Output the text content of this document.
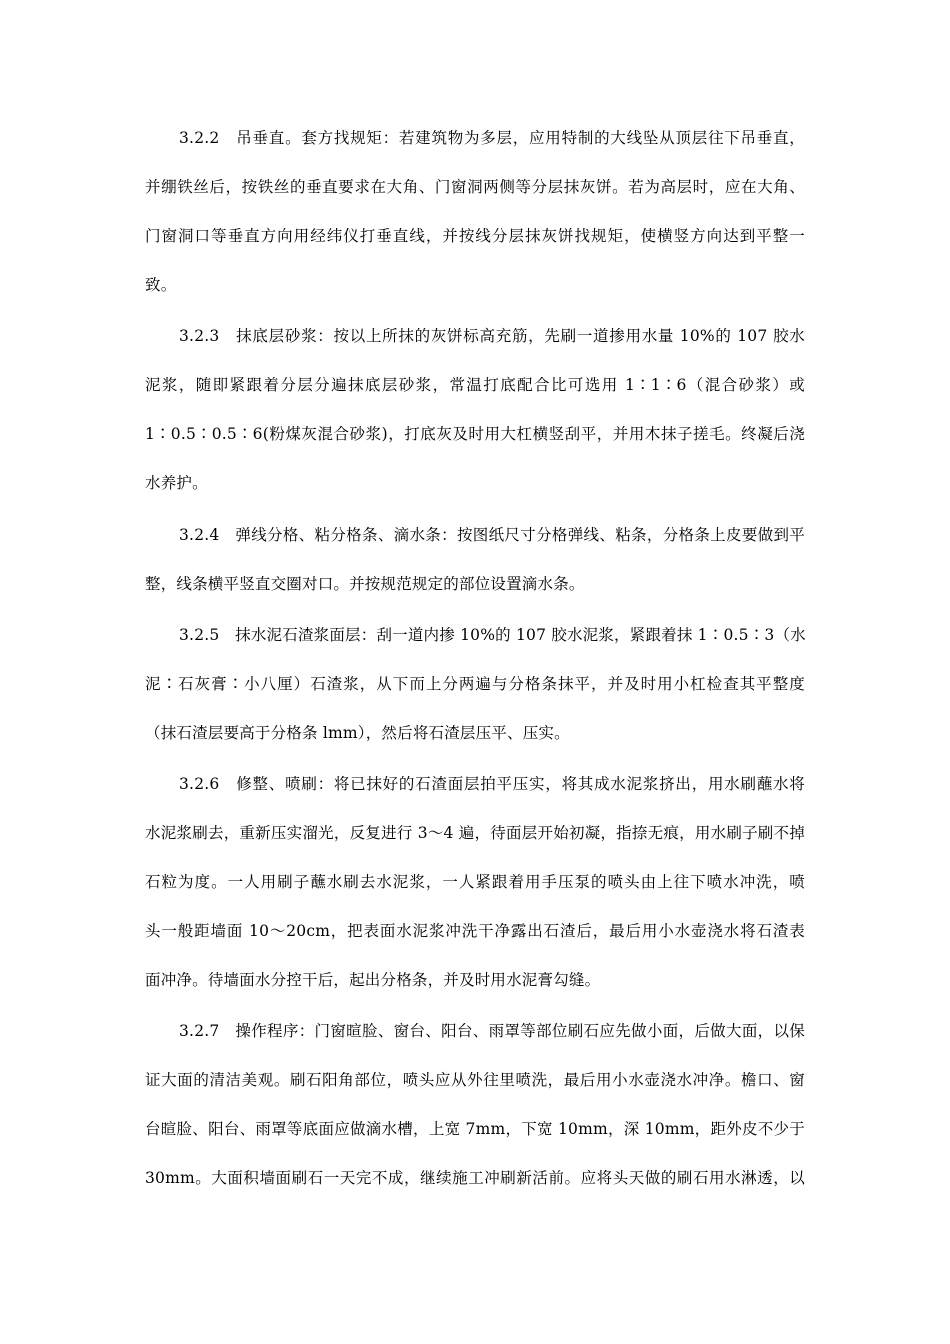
3.2.2　吊垂直。套方找规矩：若建筑物为多层，应用特制的大线坠从顶层往下吊垂直，
并绷铁丝后，按铁丝的垂直要求在大角、门窗洞两侧等分层抹灰饼。若为高层时，应在大角、
门窗洞口等垂直方向用经纬仪打垂直线，并按线分层抹灰饼找规矩，使横竖方向达到平整一
致。
3.2.3　抹底层砂浆：按以上所抹的灰饼标高充筋，先刷一道掺用水量 10%的 107 胶水
泥浆，随即紧跟着分层分遍抹底层砂浆，常温打底配合比可选用 1∶1∶6（混合砂浆）或
1∶0.5∶0.5∶6(粉煤灰混合砂浆)，打底灰及时用大杠横竖刮平，并用木抹子搓毛。终凝后浇
水养护。
3.2.4　弹线分格、粘分格条、滴水条：按图纸尺寸分格弹线、粘条，分格条上皮要做到平
整，线条横平竖直交圈对口。并按规范规定的部位设置滴水条。
3.2.5　抹水泥石渣浆面层：刮一道内掺 10%的 107 胶水泥浆，紧跟着抹 1∶0.5∶3（水
泥∶石灰膏∶小八厘）石渣浆，从下而上分两遍与分格条抹平，并及时用小杠检查其平整度
（抹石渣层要高于分格条 lmm），然后将石渣层压平、压实。
3.2.6　修整、喷刷：将已抹好的石渣面层拍平压实，将其成水泥浆挤出，用水刷蘸水将
水泥浆刷去，重新压实溜光，反复进行 3～4 遍，待面层开始初凝，指捺无痕，用水刷子刷不掉
石粒为度。一人用刷子蘸水刷去水泥浆，一人紧跟着用手压泵的喷头由上往下喷水冲洗，喷
头一般距墙面 10～20cm，把表面水泥浆冲洗干净露出石渣后，最后用小水壶浇水将石渣表
面冲净。待墙面水分控干后，起出分格条，并及时用水泥膏勾缝。
3.2.7　操作程序：门窗暄脸、窗台、阳台、雨罩等部位刷石应先做小面，后做大面，以保
证大面的清洁美观。刷石阳角部位，喷头应从外往里喷洗，最后用小水壶浇水冲净。檐口、窗
台暄脸、阳台、雨罩等底面应做滴水槽，上宽 7mm，下宽 10mm，深 10mm，距外皮不少于
30mm。大面积墙面刷石一天完不成，继续施工冲刷新活前。应将头天做的刷石用水淋透，以
